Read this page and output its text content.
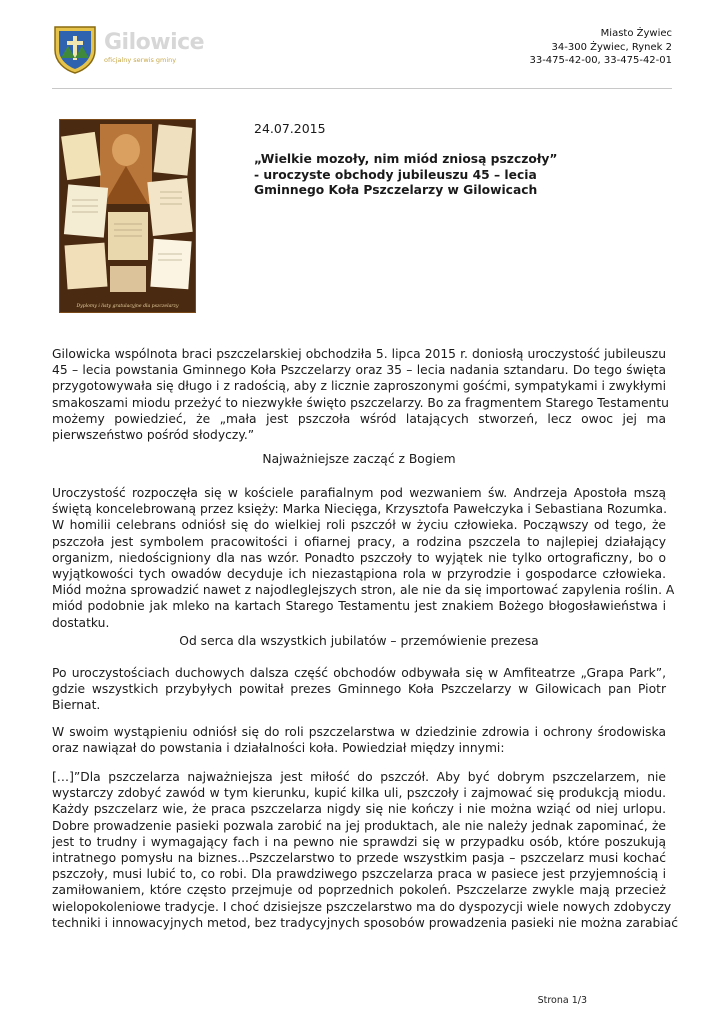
Gilowice
oficjalny serwis gminy
Miasto Żywiec
34-300 Żywiec, Rynek 2
33-475-42-00, 33-475-42-01
Dyplomy i listy gratulacyjne dla pszczelarzy
24.07.2015
„Wielkie mozoły, nim miód zniosą pszczoły”
- uroczyste obchody jubileuszu 45 – lecia
Gminnego Koła Pszczelarzy w Gilowicach
Gilowicka wspólnota braci pszczelarskiej obchodziła 5. lipca 2015 r. doniosłą uroczystość jubileuszu
45 – lecia powstania Gminnego Koła Pszczelarzy oraz 35 – lecia nadania sztandaru. Do tego święta
przygotowywała się długo i z radością, aby z licznie zaproszonymi gośćmi, sympatykami i zwykłymi
smakoszami miodu przeżyć to niezwykłe święto pszczelarzy. Bo za fragmentem Starego Testamentu
możemy powiedzieć, że „mała jest pszczoła wśród latających stworzeń, lecz owoc jej ma
pierwszeństwo pośród słodyczy.”
Najważniejsze zacząć z Bogiem
Uroczystość rozpoczęła się w kościele parafialnym pod wezwaniem św. Andrzeja Apostoła mszą
świętą koncelebrowaną przez księży: Marka Niecięga, Krzysztofa Pawełczyka i Sebastiana Rozumka.
W homilii celebrans odniósł się do wielkiej roli pszczół w życiu człowieka. Począwszy od tego, że
pszczoła jest symbolem pracowitości i ofiarnej pracy, a rodzina pszczela to najlepiej działający
organizm, niedościgniony dla nas wzór. Ponadto pszczoły to wyjątek nie tylko ortograficzny, bo o
wyjątkowości tych owadów decyduje ich niezastąpiona rola w przyrodzie i gospodarce człowieka.
Miód można sprowadzić nawet z najodleglejszych stron, ale nie da się importować zapylenia roślin. A
miód podobnie jak mleko na kartach Starego Testamentu jest znakiem Bożego błogosławieństwa i
dostatku.
Od serca dla wszystkich jubilatów – przemówienie prezesa
Po uroczystościach duchowych dalsza część obchodów odbywała się w Amfiteatrze „Grapa Park”,
gdzie wszystkich przybyłych powitał prezes Gminnego Koła Pszczelarzy w Gilowicach pan Piotr
Biernat.
W swoim wystąpieniu odniósł się do roli pszczelarstwa w dziedzinie zdrowia i ochrony środowiska
oraz nawiązał do powstania i działalności koła. Powiedział między innymi:
[…]”Dla pszczelarza najważniejsza jest miłość do pszczół. Aby być dobrym pszczelarzem, nie
wystarczy zdobyć zawód w tym kierunku, kupić kilka uli, pszczoły i zajmować się produkcją miodu.
Każdy pszczelarz wie, że praca pszczelarza nigdy się nie kończy i nie można wziąć od niej urlopu.
Dobre prowadzenie pasieki pozwala zarobić na jej produktach, ale nie należy jednak zapominać, że
jest to trudny i wymagający fach i na pewno nie sprawdzi się w przypadku osób, które poszukują
intratnego pomysłu na biznes...Pszczelarstwo to przede wszystkim pasja – pszczelarz musi kochać
pszczoły, musi lubić to, co robi. Dla prawdziwego pszczelarza praca w pasiece jest przyjemnością i
zamiłowaniem, które często przejmuje od poprzednich pokoleń. Pszczelarze zwykle mają przecież
wielopokoleniowe tradycje. I choć dzisiejsze pszczelarstwo ma do dyspozycji wiele nowych zdobyczy
techniki i innowacyjnych metod, bez tradycyjnych sposobów prowadzenia pasieki nie można zarabiać
Strona 1/3
